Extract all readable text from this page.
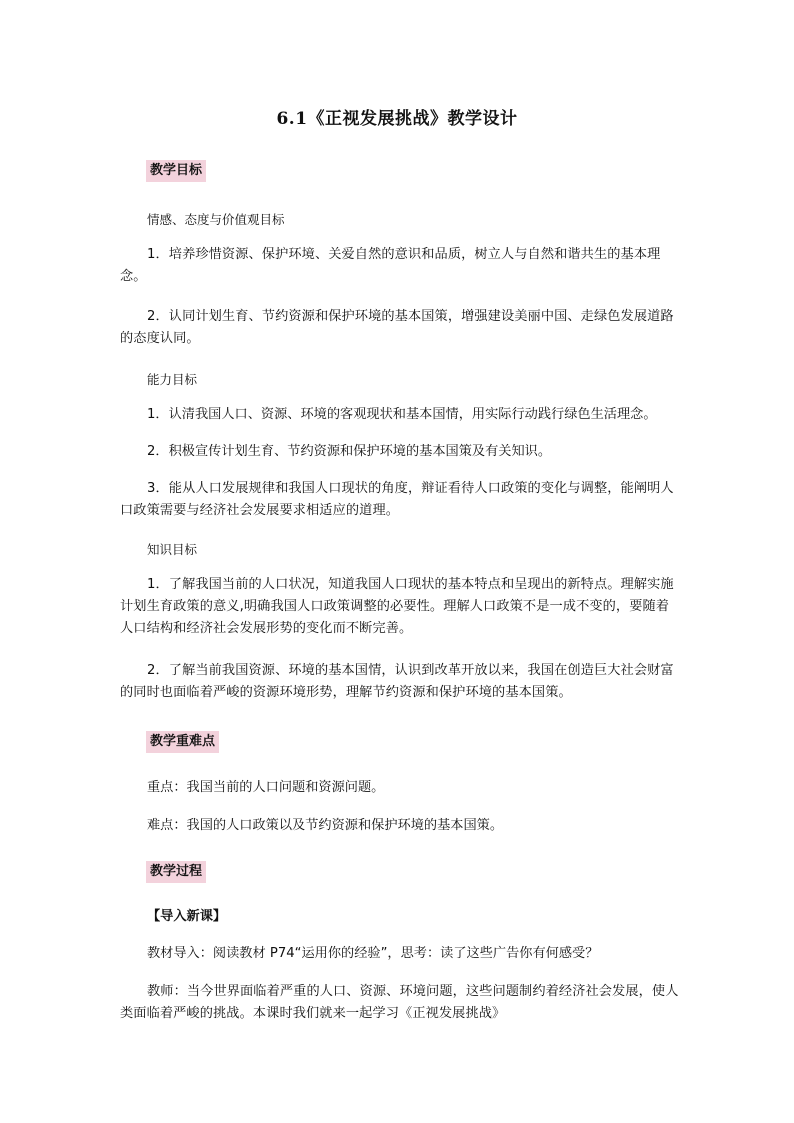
6.1《正视发展挑战》教学设计
教学目标
情感、态度与价值观目标
1．培养珍惜资源、保护环境、关爱自然的意识和品质，树立人与自然和谐共生的基本理念。
2．认同计划生育、节约资源和保护环境的基本国策，增强建设美丽中国、走绿色发展道路的态度认同。
能力目标
1．认清我国人口、资源、环境的客观现状和基本国情，用实际行动践行绿色生活理念。
2．积极宣传计划生育、节约资源和保护环境的基本国策及有关知识。
3．能从人口发展规律和我国人口现状的角度，辩证看待人口政策的变化与调整，能阐明人口政策需要与经济社会发展要求相适应的道理。
知识目标
1．了解我国当前的人口状况，知道我国人口现状的基本特点和呈现出的新特点。理解实施计划生育政策的意义,明确我国人口政策调整的必要性。理解人口政策不是一成不变的，要随着人口结构和经济社会发展形势的变化而不断完善。
2．了解当前我国资源、环境的基本国情，认识到改革开放以来，我国在创造巨大社会财富的同时也面临着严峻的资源环境形势，理解节约资源和保护环境的基本国策。
教学重难点
重点：我国当前的人口问题和资源问题。
难点：我国的人口政策以及节约资源和保护环境的基本国策。
教学过程
【导入新课】
教材导入：阅读教材 P74“运用你的经验”，思考：读了这些广告你有何感受？
教师：当今世界面临着严重的人口、资源、环境问题，这些问题制约着经济社会发展，使人类面临着严峻的挑战。本课时我们就来一起学习《正视发展挑战》
